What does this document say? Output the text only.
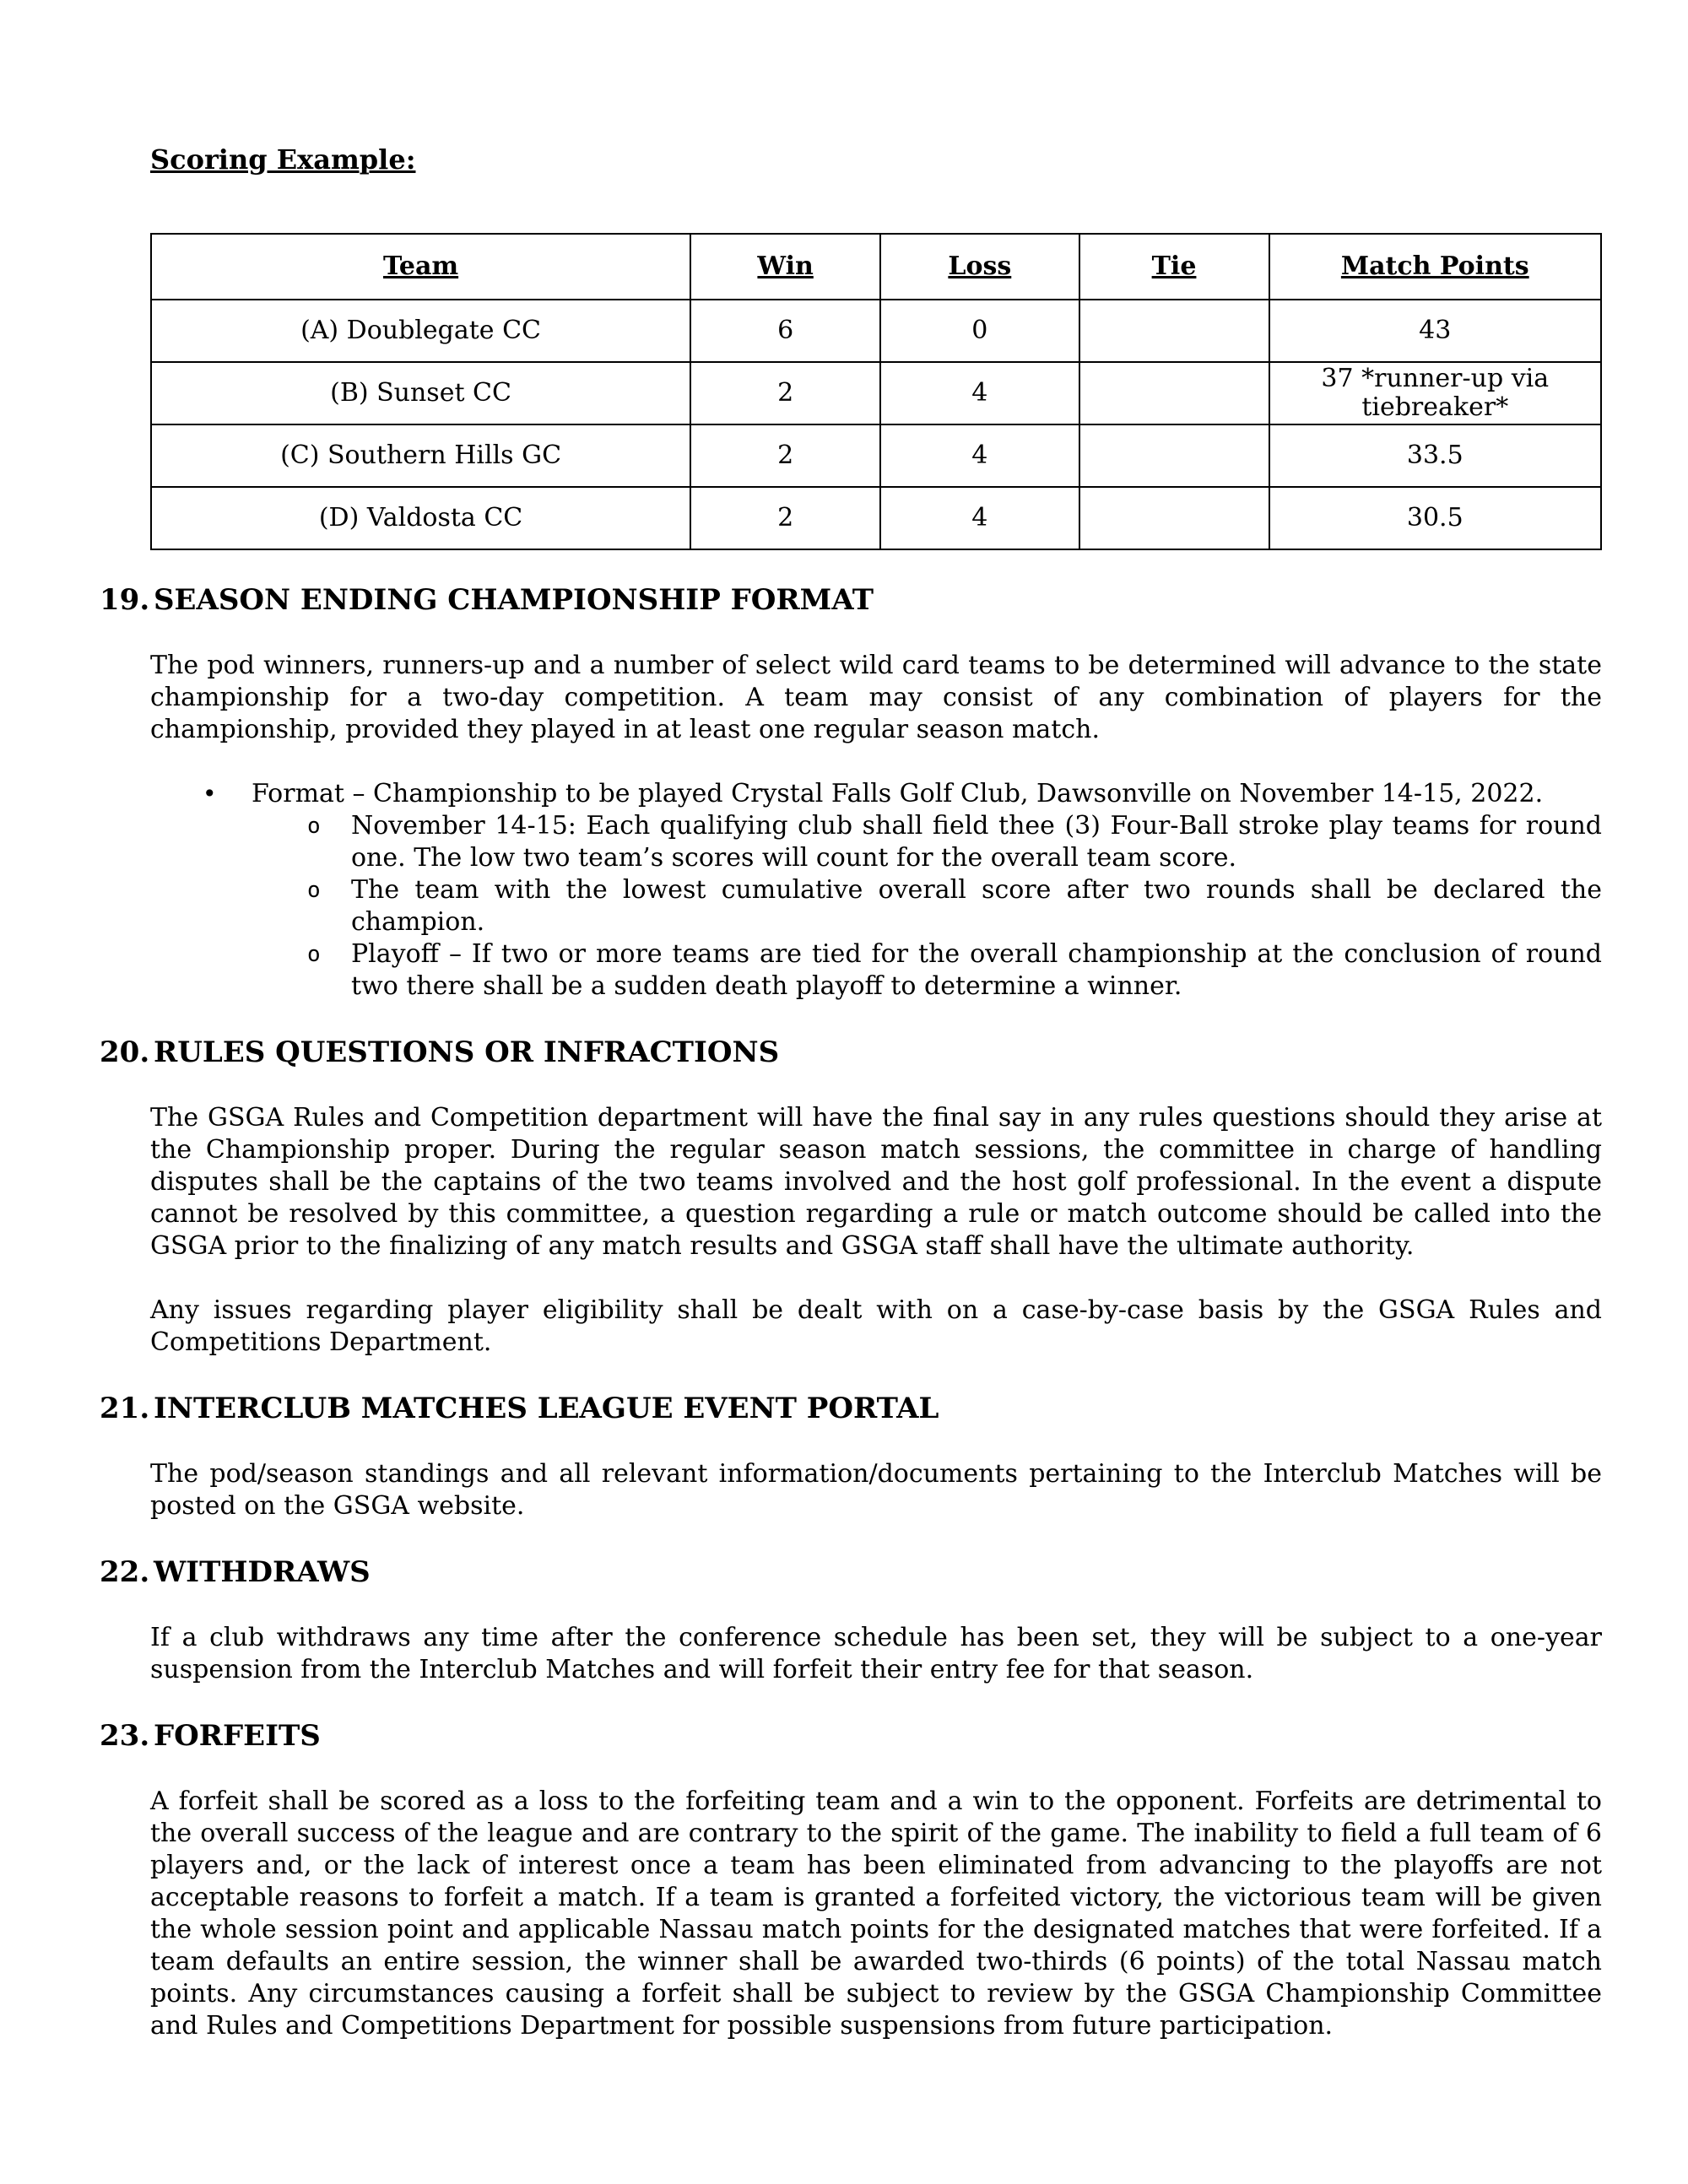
Scoring Example:
Team	Win	Loss	Tie	Match Points
(A) Doublegate CC	6	0		43
(B) Sunset CC	2	4		37 *runner-up via tiebreaker*
(C) Southern Hills GC	2	4		33.5
(D) Valdosta CC	2	4		30.5
19. SEASON ENDING CHAMPIONSHIP FORMAT
The pod winners, runners-up and a number of select wild card teams to be determined will advance to the state championship for a two-day competition. A team may consist of any combination of players for the championship, provided they played in at least one regular season match.
•	Format – Championship to be played Crystal Falls Golf Club, Dawsonville on November 14-15, 2022.
o	November 14-15: Each qualifying club shall field thee (3) Four-Ball stroke play teams for round one. The low two team’s scores will count for the overall team score.
o	The team with the lowest cumulative overall score after two rounds shall be declared the champion.
o	Playoff – If two or more teams are tied for the overall championship at the conclusion of round two there shall be a sudden death playoff to determine a winner.
20. RULES QUESTIONS OR INFRACTIONS
The GSGA Rules and Competition department will have the final say in any rules questions should they arise at the Championship proper. During the regular season match sessions, the committee in charge of handling disputes shall be the captains of the two teams involved and the host golf professional. In the event a dispute cannot be resolved by this committee, a question regarding a rule or match outcome should be called into the GSGA prior to the finalizing of any match results and GSGA staff shall have the ultimate authority.
Any issues regarding player eligibility shall be dealt with on a case-by-case basis by the GSGA Rules and Competitions Department.
21. INTERCLUB MATCHES LEAGUE EVENT PORTAL
The pod/season standings and all relevant information/documents pertaining to the Interclub Matches will be posted on the GSGA website.
22. WITHDRAWS
If a club withdraws any time after the conference schedule has been set, they will be subject to a one-year suspension from the Interclub Matches and will forfeit their entry fee for that season.
23. FORFEITS
A forfeit shall be scored as a loss to the forfeiting team and a win to the opponent. Forfeits are detrimental to the overall success of the league and are contrary to the spirit of the game. The inability to field a full team of 6 players and, or the lack of interest once a team has been eliminated from advancing to the playoffs are not acceptable reasons to forfeit a match. If a team is granted a forfeited victory, the victorious team will be given the whole session point and applicable Nassau match points for the designated matches that were forfeited. If a team defaults an entire session, the winner shall be awarded two-thirds (6 points) of the total Nassau match points. Any circumstances causing a forfeit shall be subject to review by the GSGA Championship Committee and Rules and Competitions Department for possible suspensions from future participation.
